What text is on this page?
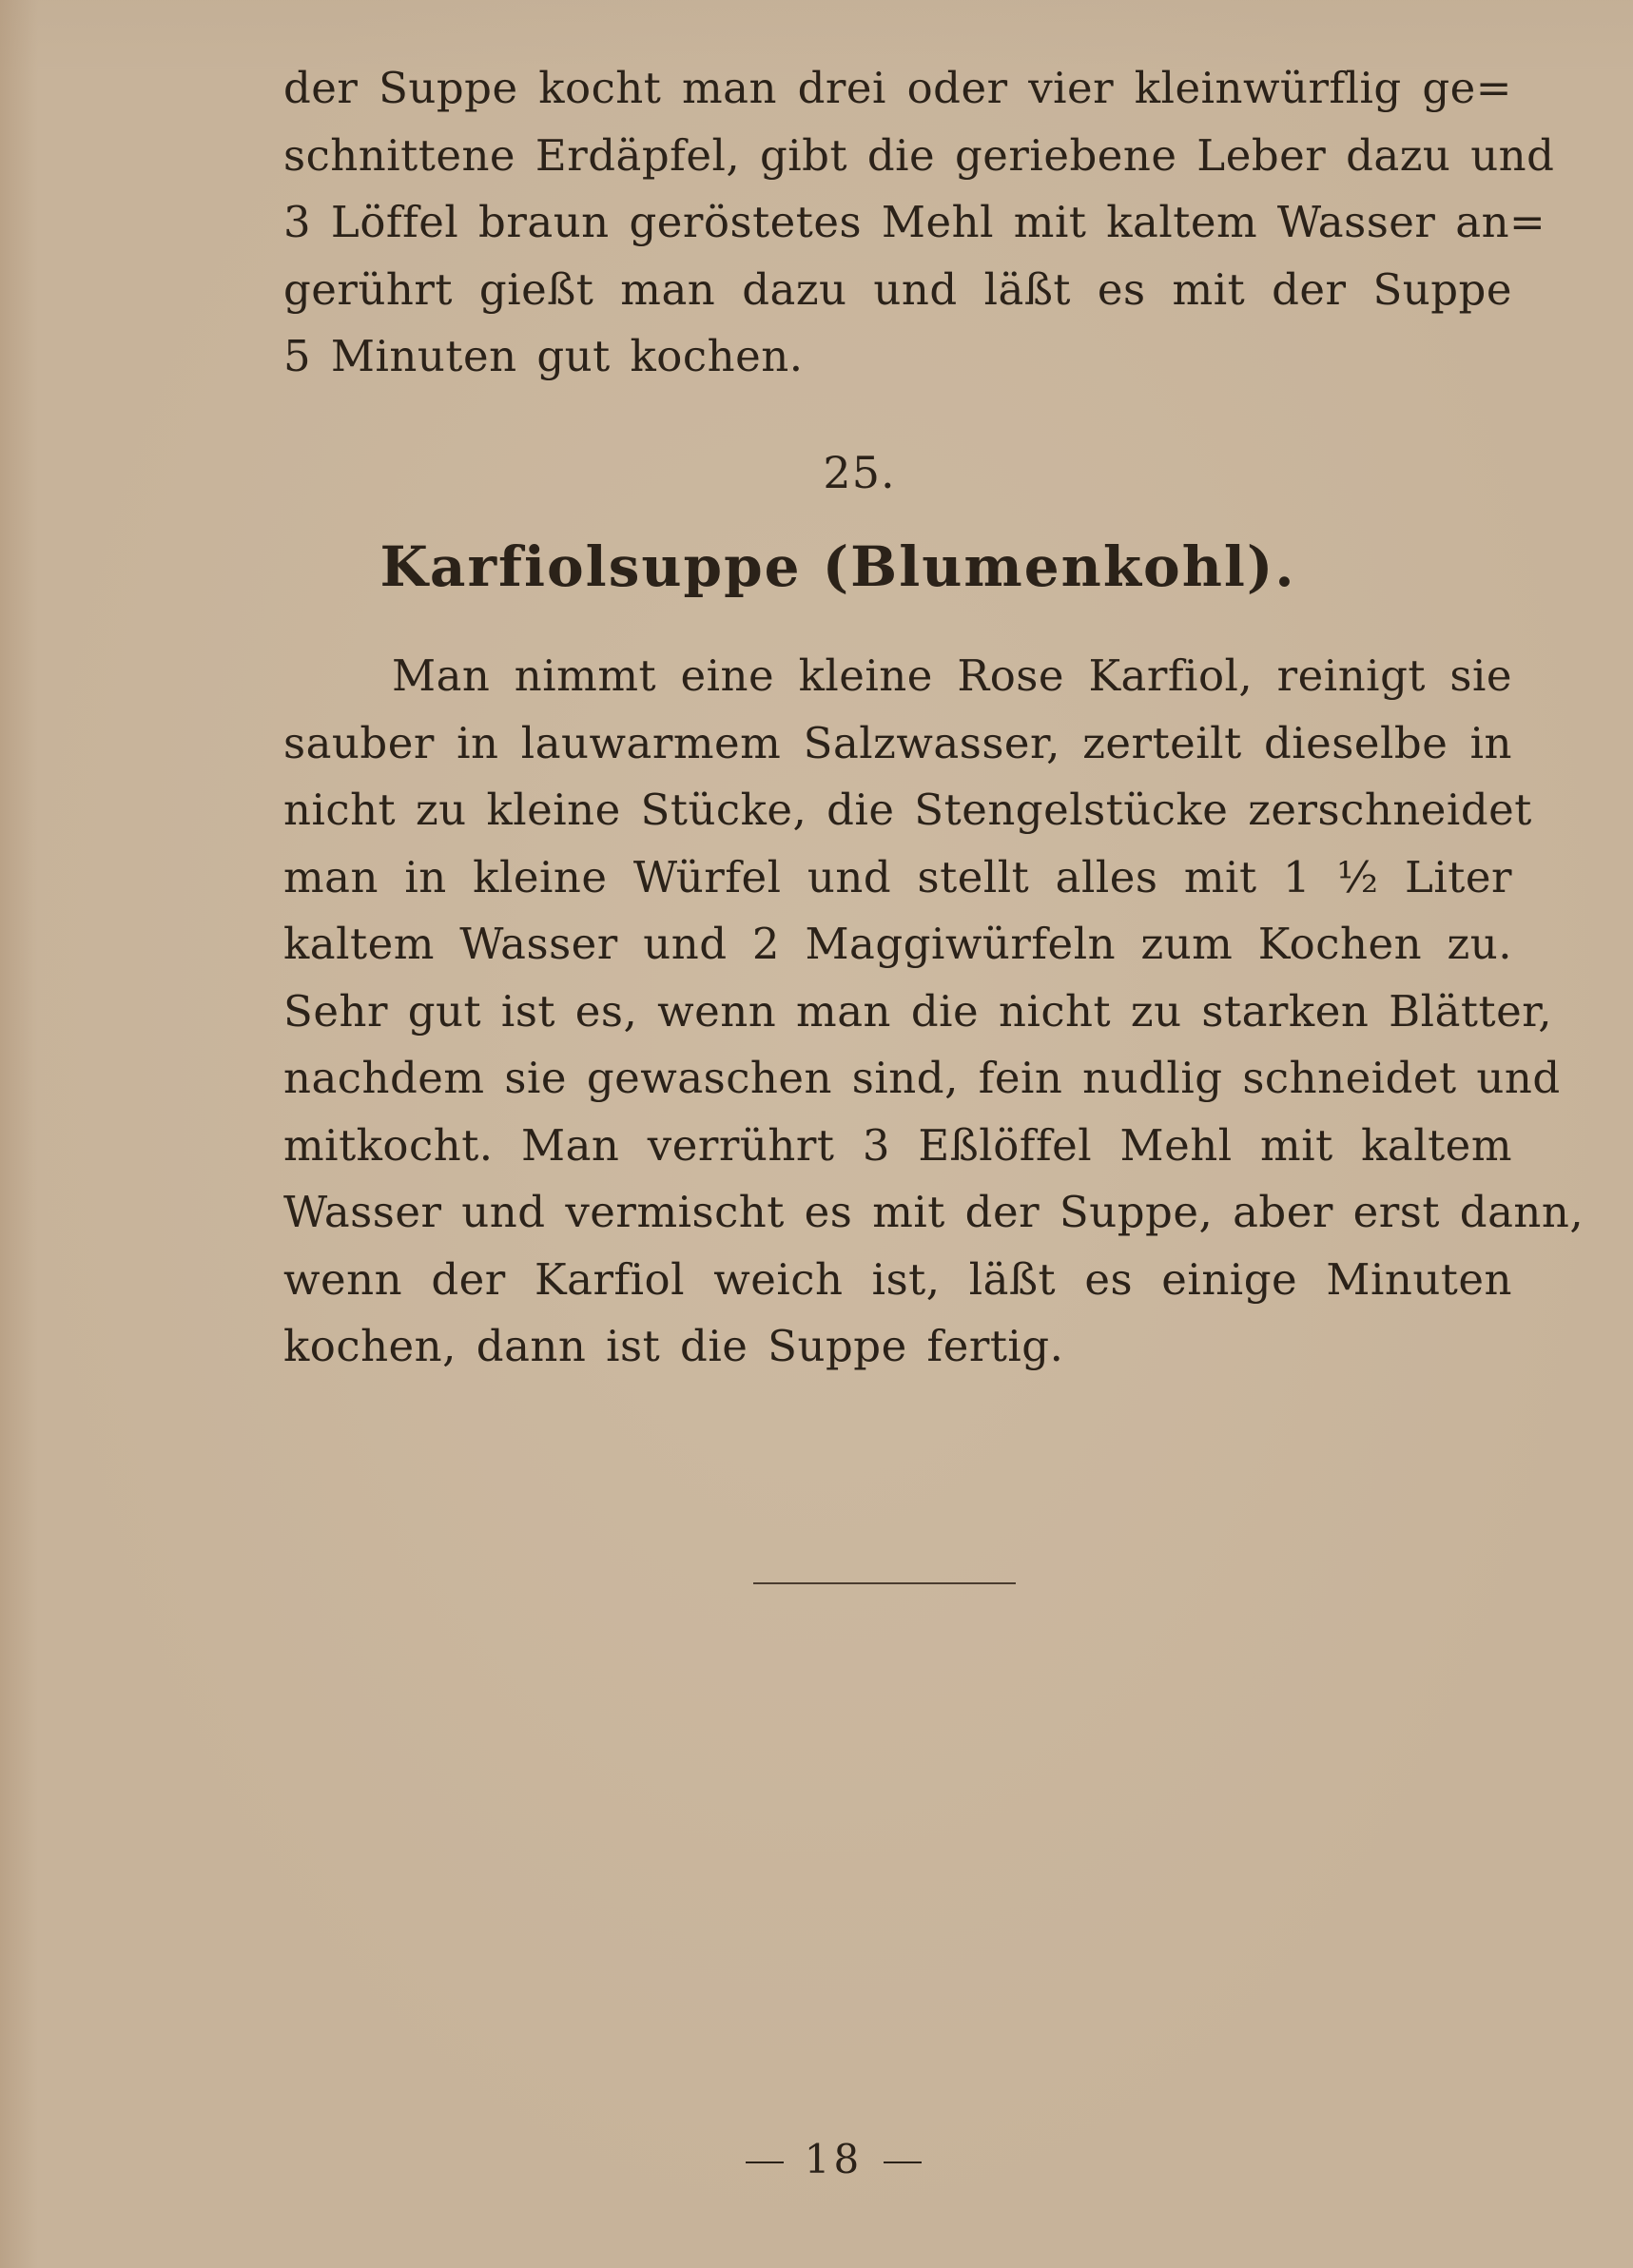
der Suppe kocht man drei oder vier kleinwürflig ge=
schnittene Erdäpfel, gibt die geriebene Leber dazu und
3 Löffel braun geröstetes Mehl mit kaltem Wasser an=
gerührt gießt man dazu und läßt es mit der Suppe
5 Minuten gut kochen.
25.
Karfiolsuppe (Blumenkohl).
Man nimmt eine kleine Rose Karfiol, reinigt sie
sauber in lauwarmem Salzwasser, zerteilt dieselbe in
nicht zu kleine Stücke, die Stengelstücke zerschneidet
man in kleine Würfel und stellt alles mit 1 ½ Liter
kaltem Wasser und 2 Maggiwürfeln zum Kochen zu.
Sehr gut ist es, wenn man die nicht zu starken Blätter,
nachdem sie gewaschen sind, fein nudlig schneidet und
mitkocht. Man verrührt 3 Eßlöffel Mehl mit kaltem
Wasser und vermischt es mit der Suppe, aber erst dann,
wenn der Karfiol weich ist, läßt es einige Minuten
kochen, dann ist die Suppe fertig.
18
